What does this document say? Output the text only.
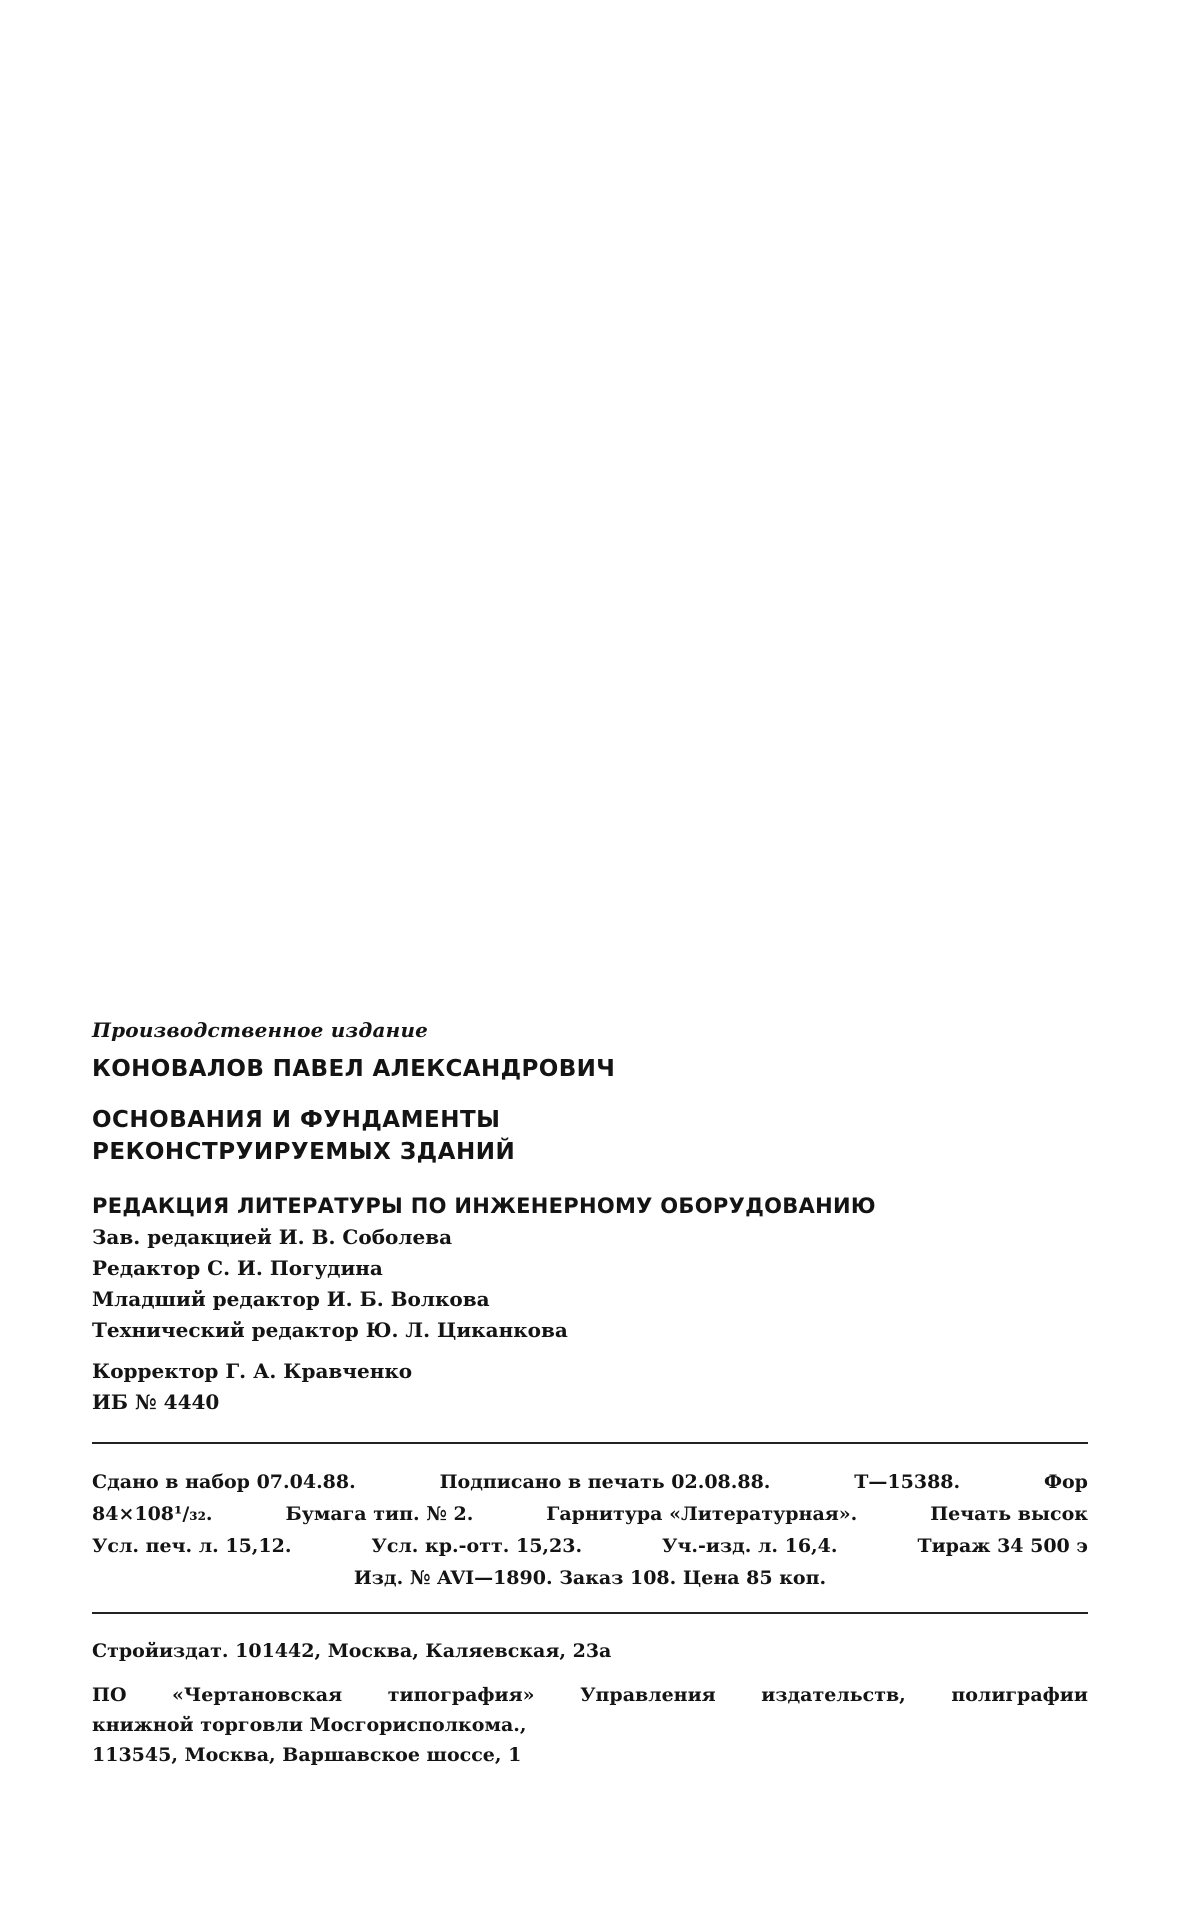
Производственное издание
КОНОВАЛОВ ПАВЕЛ АЛЕКСАНДРОВИЧ
ОСНОВАНИЯ И ФУНДАМЕНТЫ
РЕКОНСТРУИРУЕМЫХ ЗДАНИЙ
РЕДАКЦИЯ ЛИТЕРАТУРЫ ПО ИНЖЕНЕРНОМУ ОБОРУДОВАНИЮ
Зав. редакцией И. В. Соболева
Редактор С. И. Погудина
Младший редактор И. Б. Волкова
Технический редактор Ю. Л. Циканкова
Корректор Г. А. Кравченко
ИБ № 4440
Сдано в набор 07.04.88.	Подписано в печать 02.08.88.	Т—15388.	Фор
84×108¹/₃₂.	Бумага тип. № 2.	Гарнитура «Литературная».	Печать высок
Усл. печ. л. 15,12.	Усл. кр.-отт. 15,23.	Уч.-изд. л. 16,4.	Тираж 34 500 э
Изд. № AVI—1890. Заказ 108. Цена 85 коп.
Стройиздат. 101442, Москва, Каляевская, 23а
ПО «Чертановская типография» Управления издательств, полиграфии
книжной торговли Мосгорисполкома.,
113545, Москва, Варшавское шоссе, 1
